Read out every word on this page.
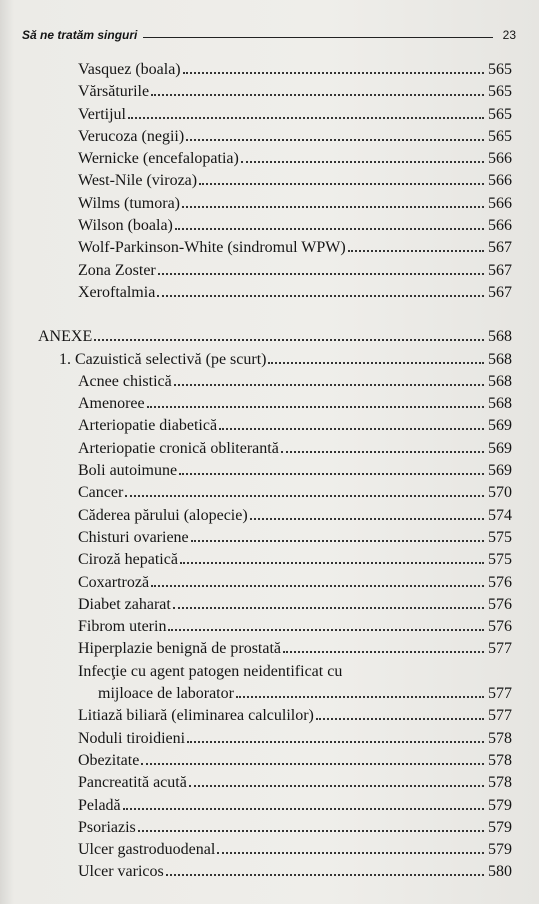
Să ne tratăm singuri	23
Vasquez (boala)	565
Vărsăturile	565
Vertijul	565
Verucoza (negii)	565
Wernicke (encefalopatia)	566
West-Nile (viroza)	566
Wilms (tumora)	566
Wilson (boala)	566
Wolf-Parkinson-White (sindromul WPW)	567
Zona Zoster	567
Xeroftalmia	567
ANEXE	568
1. Cazuistică selectivă (pe scurt)	568
Acnee chistică	568
Amenoree	568
Arteriopatie diabetică	569
Arteriopatie cronică obliterantă	569
Boli autoimune	569
Cancer	570
Căderea părului (alopecie)	574
Chisturi ovariene	575
Ciroză hepatică	575
Coxartroză	576
Diabet zaharat	576
Fibrom uterin	576
Hiperplazie benignă de prostată	577
Infecţie cu agent patogen neidentificat cu
mijloace de laborator	577
Litiază biliară (eliminarea calculilor)	577
Noduli tiroidieni	578
Obezitate	578
Pancreatită acută	578
Peladă	579
Psoriazis	579
Ulcer gastroduodenal	579
Ulcer varicos	580
